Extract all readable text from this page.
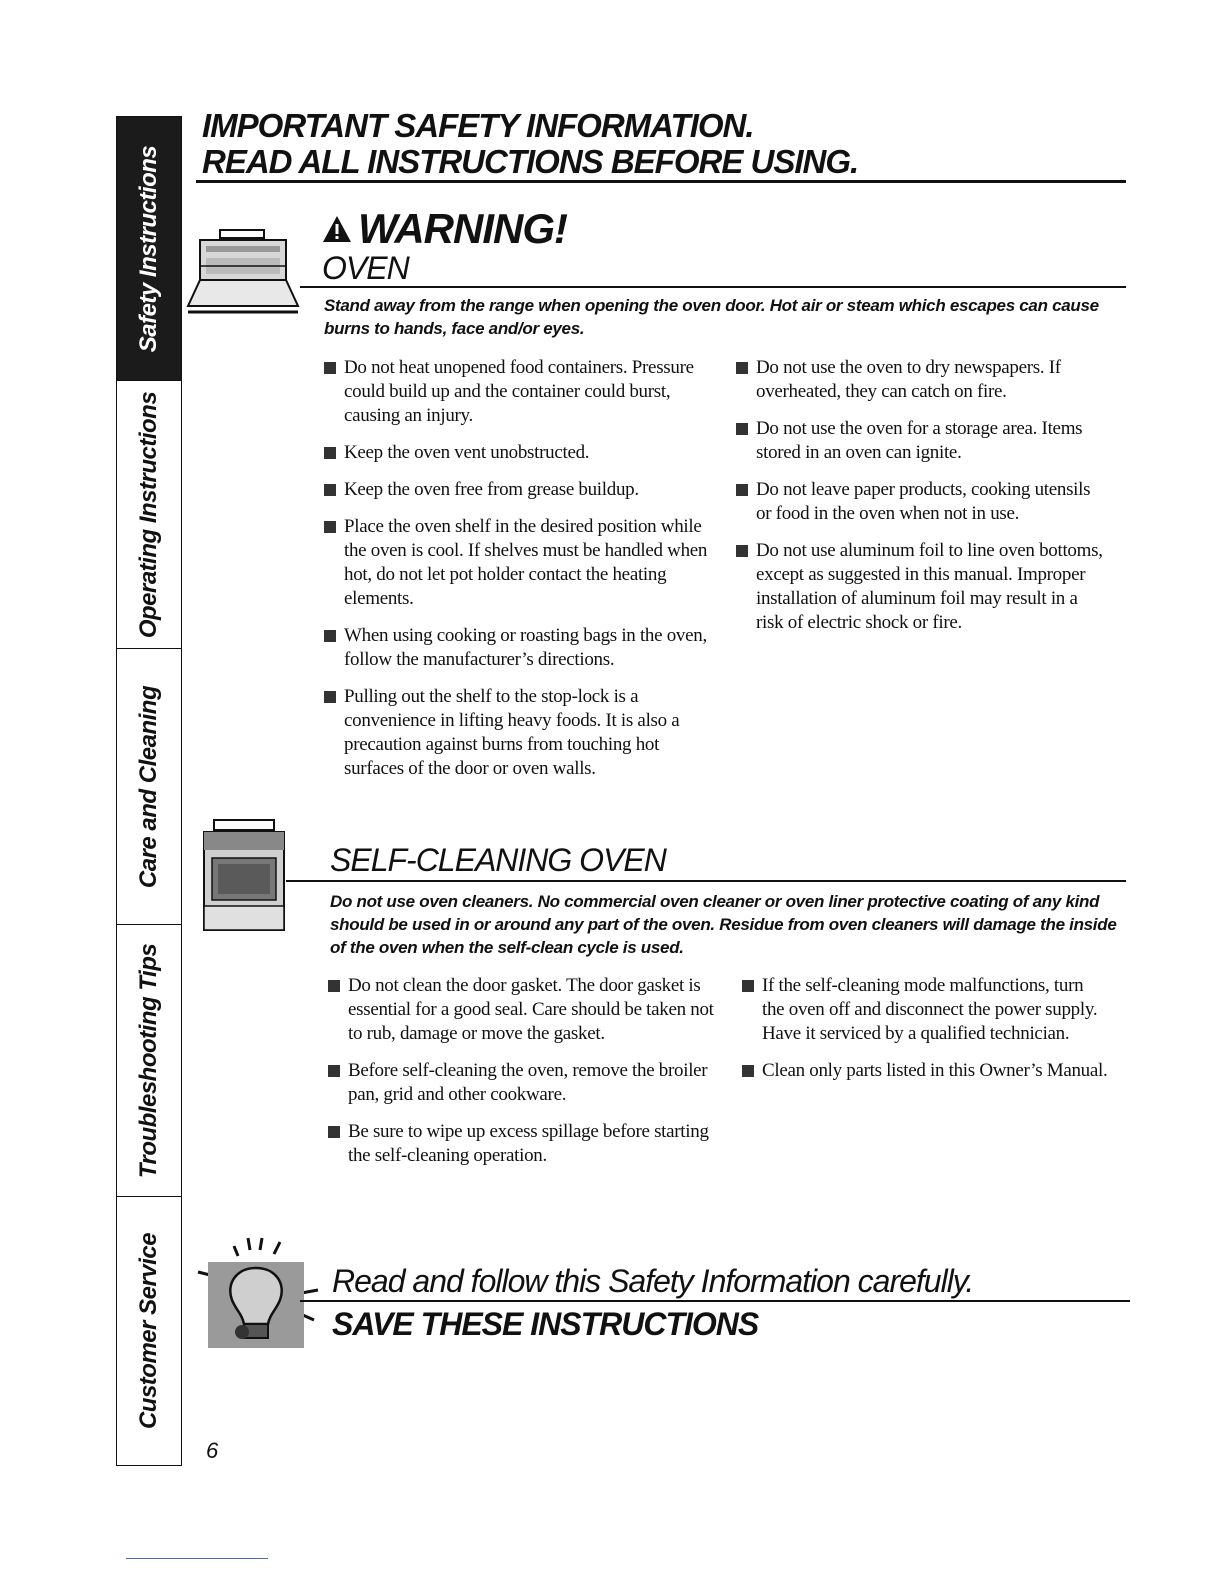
Safety Instructions
Operating Instructions
Care and Cleaning
Troubleshooting Tips
Customer Service
IMPORTANT SAFETY INFORMATION.
READ ALL INSTRUCTIONS BEFORE USING.
WARNING!
OVEN
Stand away from the range when opening the oven door. Hot air or steam which escapes can cause burns to hands, face and/or eyes.
Do not heat unopened food containers. Pressure could build up and the container could burst, causing an injury.
Keep the oven vent unobstructed.
Keep the oven free from grease buildup.
Place the oven shelf in the desired position while the oven is cool. If shelves must be handled when hot, do not let pot holder contact the heating elements.
When using cooking or roasting bags in the oven, follow the manufacturer’s directions.
Pulling out the shelf to the stop-lock is a convenience in lifting heavy foods. It is also a precaution against burns from touching hot surfaces of the door or oven walls.
Do not use the oven to dry newspapers. If overheated, they can catch on fire.
Do not use the oven for a storage area. Items stored in an oven can ignite.
Do not leave paper products, cooking utensils or food in the oven when not in use.
Do not use aluminum foil to line oven bottoms, except as suggested in this manual. Improper installation of aluminum foil may result in a risk of electric shock or fire.
SELF-CLEANING OVEN
Do not use oven cleaners. No commercial oven cleaner or oven liner protective coating of any kind should be used in or around any part of the oven. Residue from oven cleaners will damage the inside of the oven when the self-clean cycle is used.
Do not clean the door gasket. The door gasket is essential for a good seal. Care should be taken not to rub, damage or move the gasket.
Before self-cleaning the oven, remove the broiler pan, grid and other cookware.
Be sure to wipe up excess spillage before starting the self-cleaning operation.
If the self-cleaning mode malfunctions, turn the oven off and disconnect the power supply. Have it serviced by a qualified technician.
Clean only parts listed in this Owner’s Manual.
Read and follow this Safety Information carefully.
SAVE THESE INSTRUCTIONS
6
